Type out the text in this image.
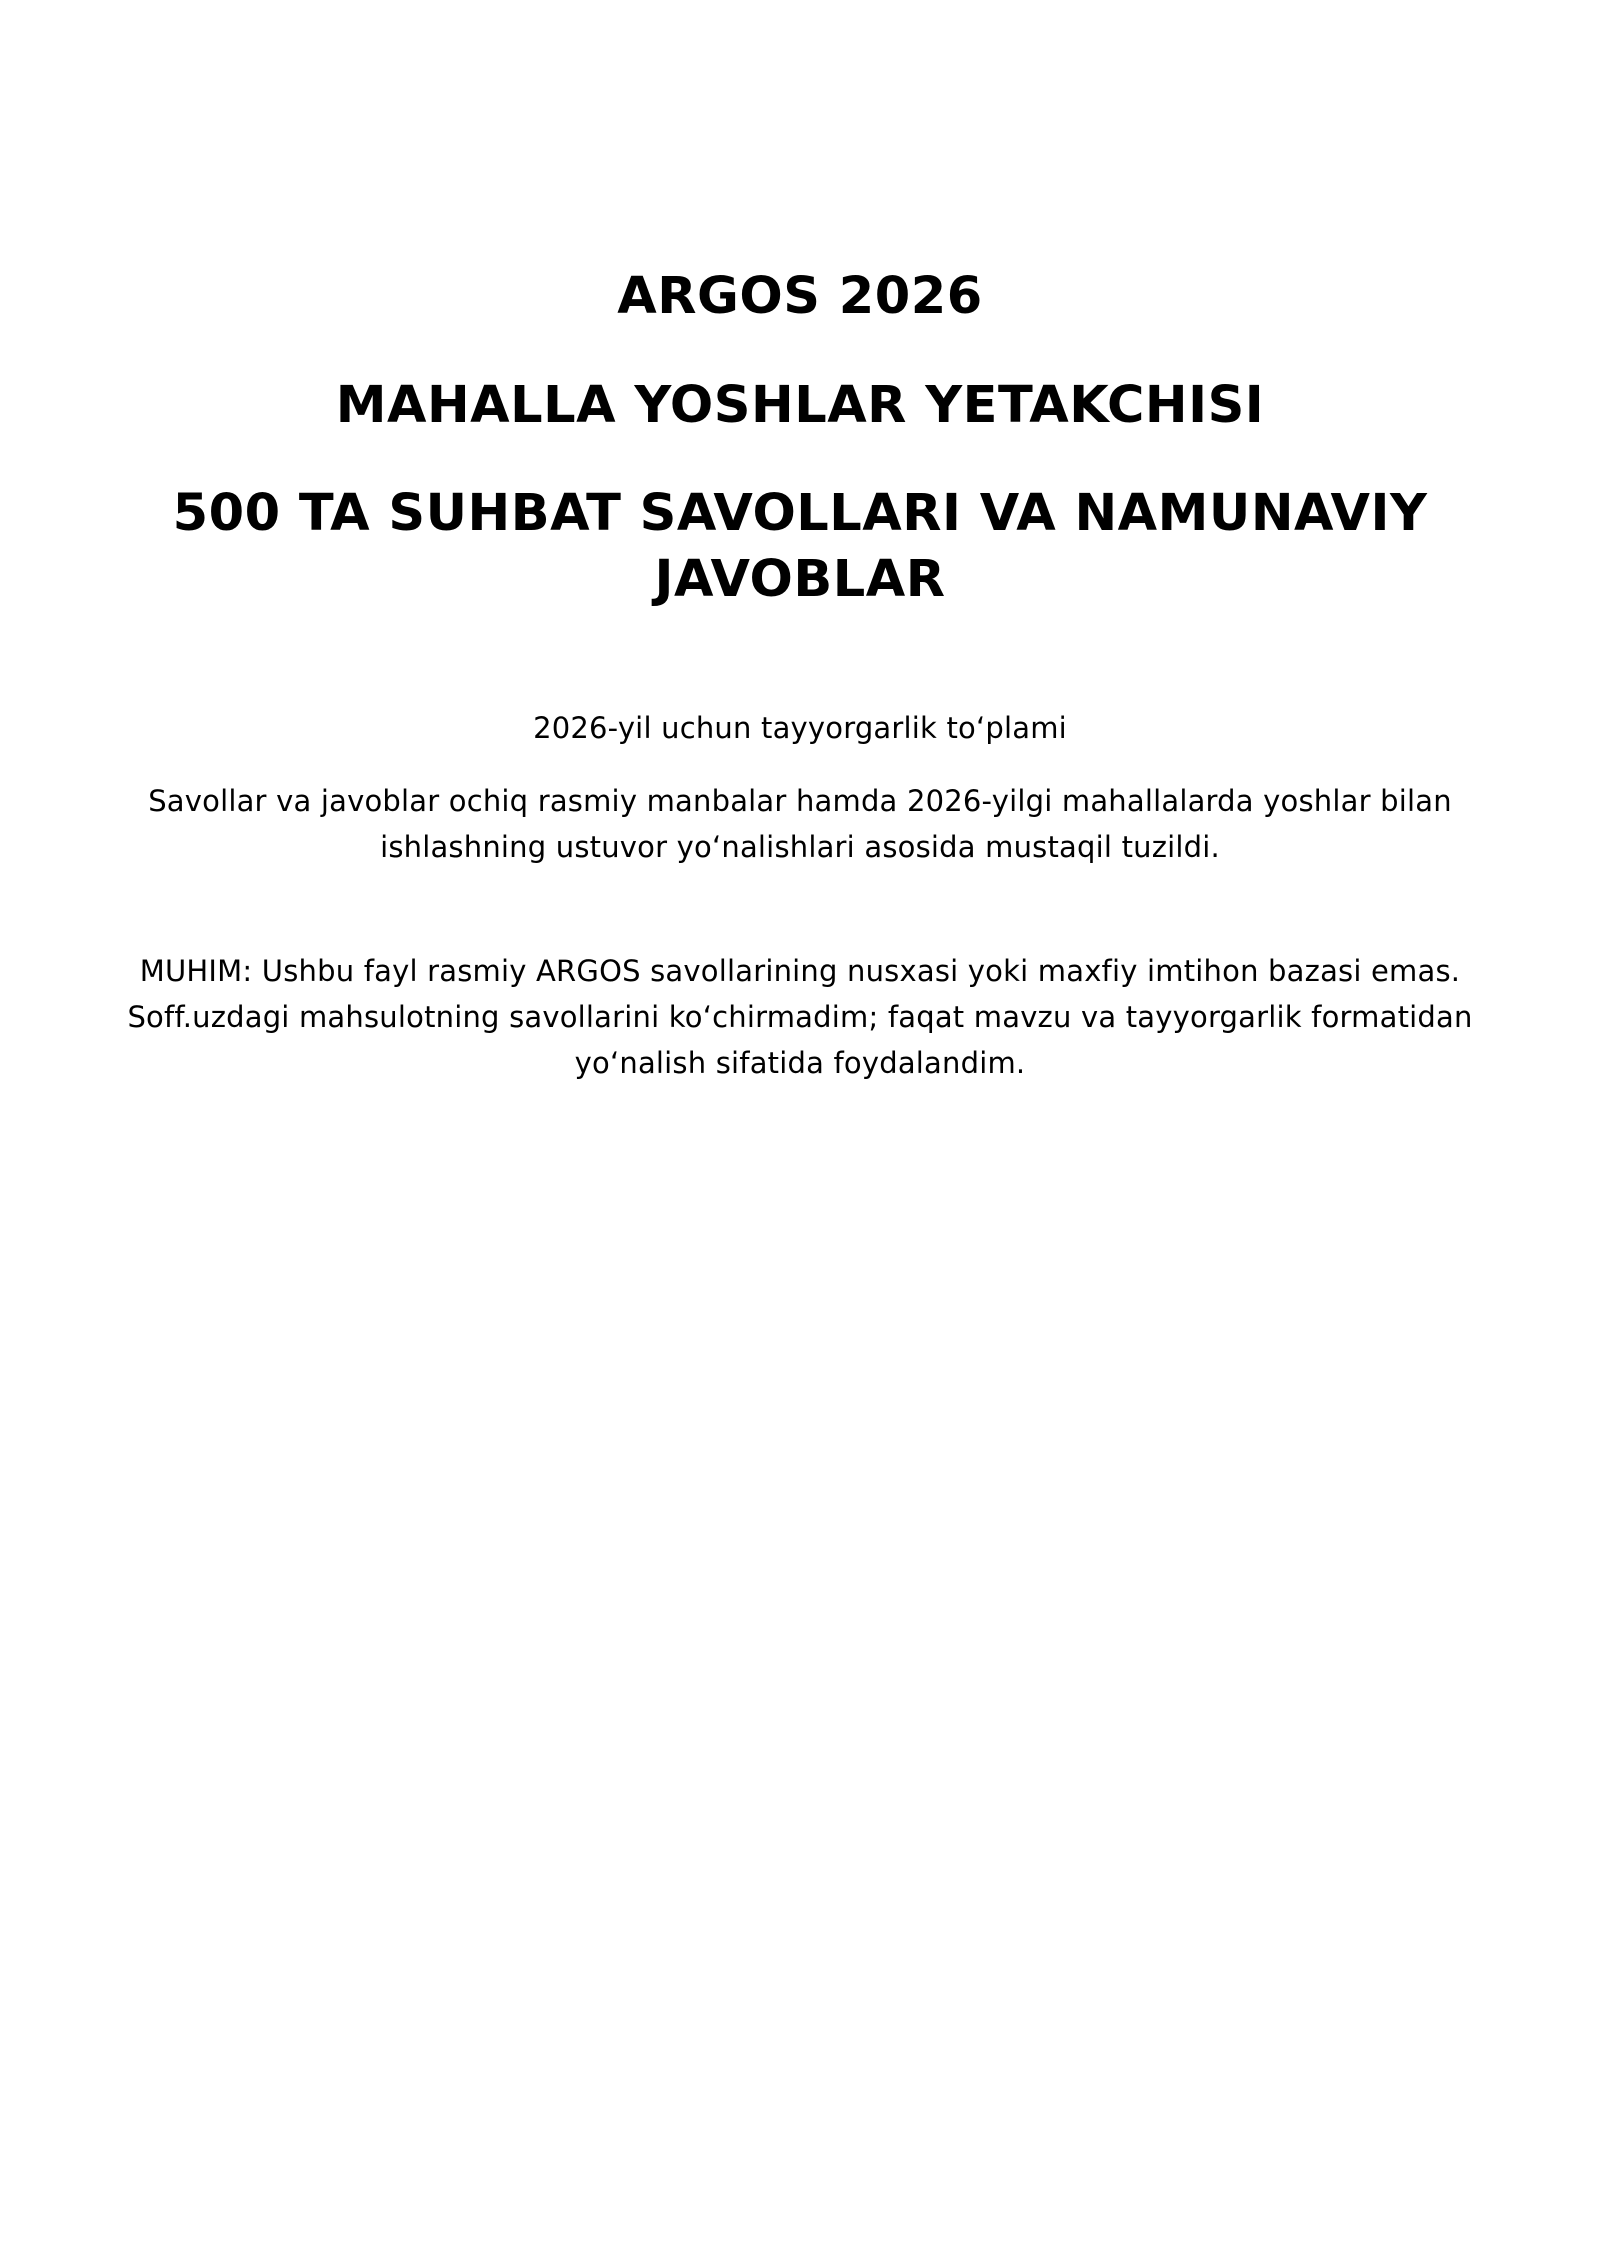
ARGOS 2026
MAHALLA YOSHLAR YETAKCHISI
500 TA SUHBAT SAVOLLARI VA NAMUNAVIY JAVOBLAR

2026-yil uchun tayyorgarlik to‘plami

Savollar va javoblar ochiq rasmiy manbalar hamda 2026-yilgi mahallalarda yoshlar bilan ishlashning ustuvor yo‘nalishlari asosida mustaqil tuzildi.

MUHIM: Ushbu fayl rasmiy ARGOS savollarining nusxasi yoki maxfiy imtihon bazasi emas. Soff.uzdagi mahsulotning savollarini ko‘chirmadim; faqat mavzu va tayyorgarlik formatidan yo‘nalish sifatida foydalandim.
